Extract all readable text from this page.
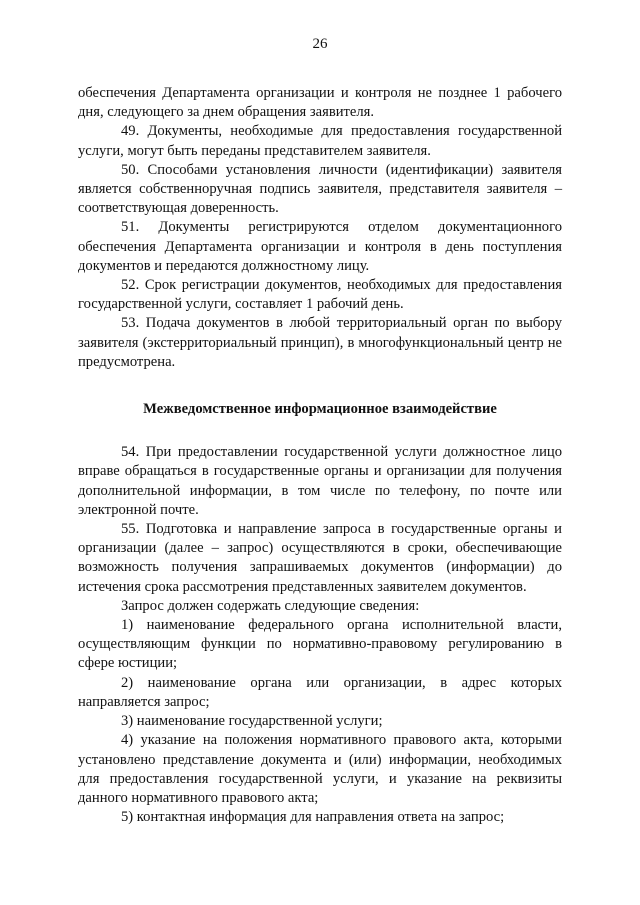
26

обеспечения Департамента организации и контроля не позднее 1 рабочего дня, следующего за днем обращения заявителя.

49. Документы, необходимые для предоставления государственной услуги, могут быть переданы представителем заявителя.

50. Способами установления личности (идентификации) заявителя является собственноручная подпись заявителя, представителя заявителя – соответствующая доверенность.

51. Документы регистрируются отделом документационного обеспечения Департамента организации и контроля в день поступления документов и передаются должностному лицу.

52. Срок регистрации документов, необходимых для предоставления государственной услуги, составляет 1 рабочий день.

53. Подача документов в любой территориальный орган по выбору заявителя (экстерриториальный принцип), в многофункциональный центр не предусмотрена.

Межведомственное информационное взаимодействие

54. При предоставлении государственной услуги должностное лицо вправе обращаться в государственные органы и организации для получения дополнительной информации, в том числе по телефону, по почте или электронной почте.

55. Подготовка и направление запроса в государственные органы и организации (далее – запрос) осуществляются в сроки, обеспечивающие возможность получения запрашиваемых документов (информации) до истечения срока рассмотрения представленных заявителем документов.

Запрос должен содержать следующие сведения:

1) наименование федерального органа исполнительной власти, осуществляющим функции по нормативно-правовому регулированию в сфере юстиции;

2) наименование органа или организации, в адрес которых направляется запрос;

3) наименование государственной услуги;

4) указание на положения нормативного правового акта, которыми установлено представление документа и (или) информации, необходимых для предоставления государственной услуги, и указание на реквизиты данного нормативного правового акта;

5) контактная информация для направления ответа на запрос;
